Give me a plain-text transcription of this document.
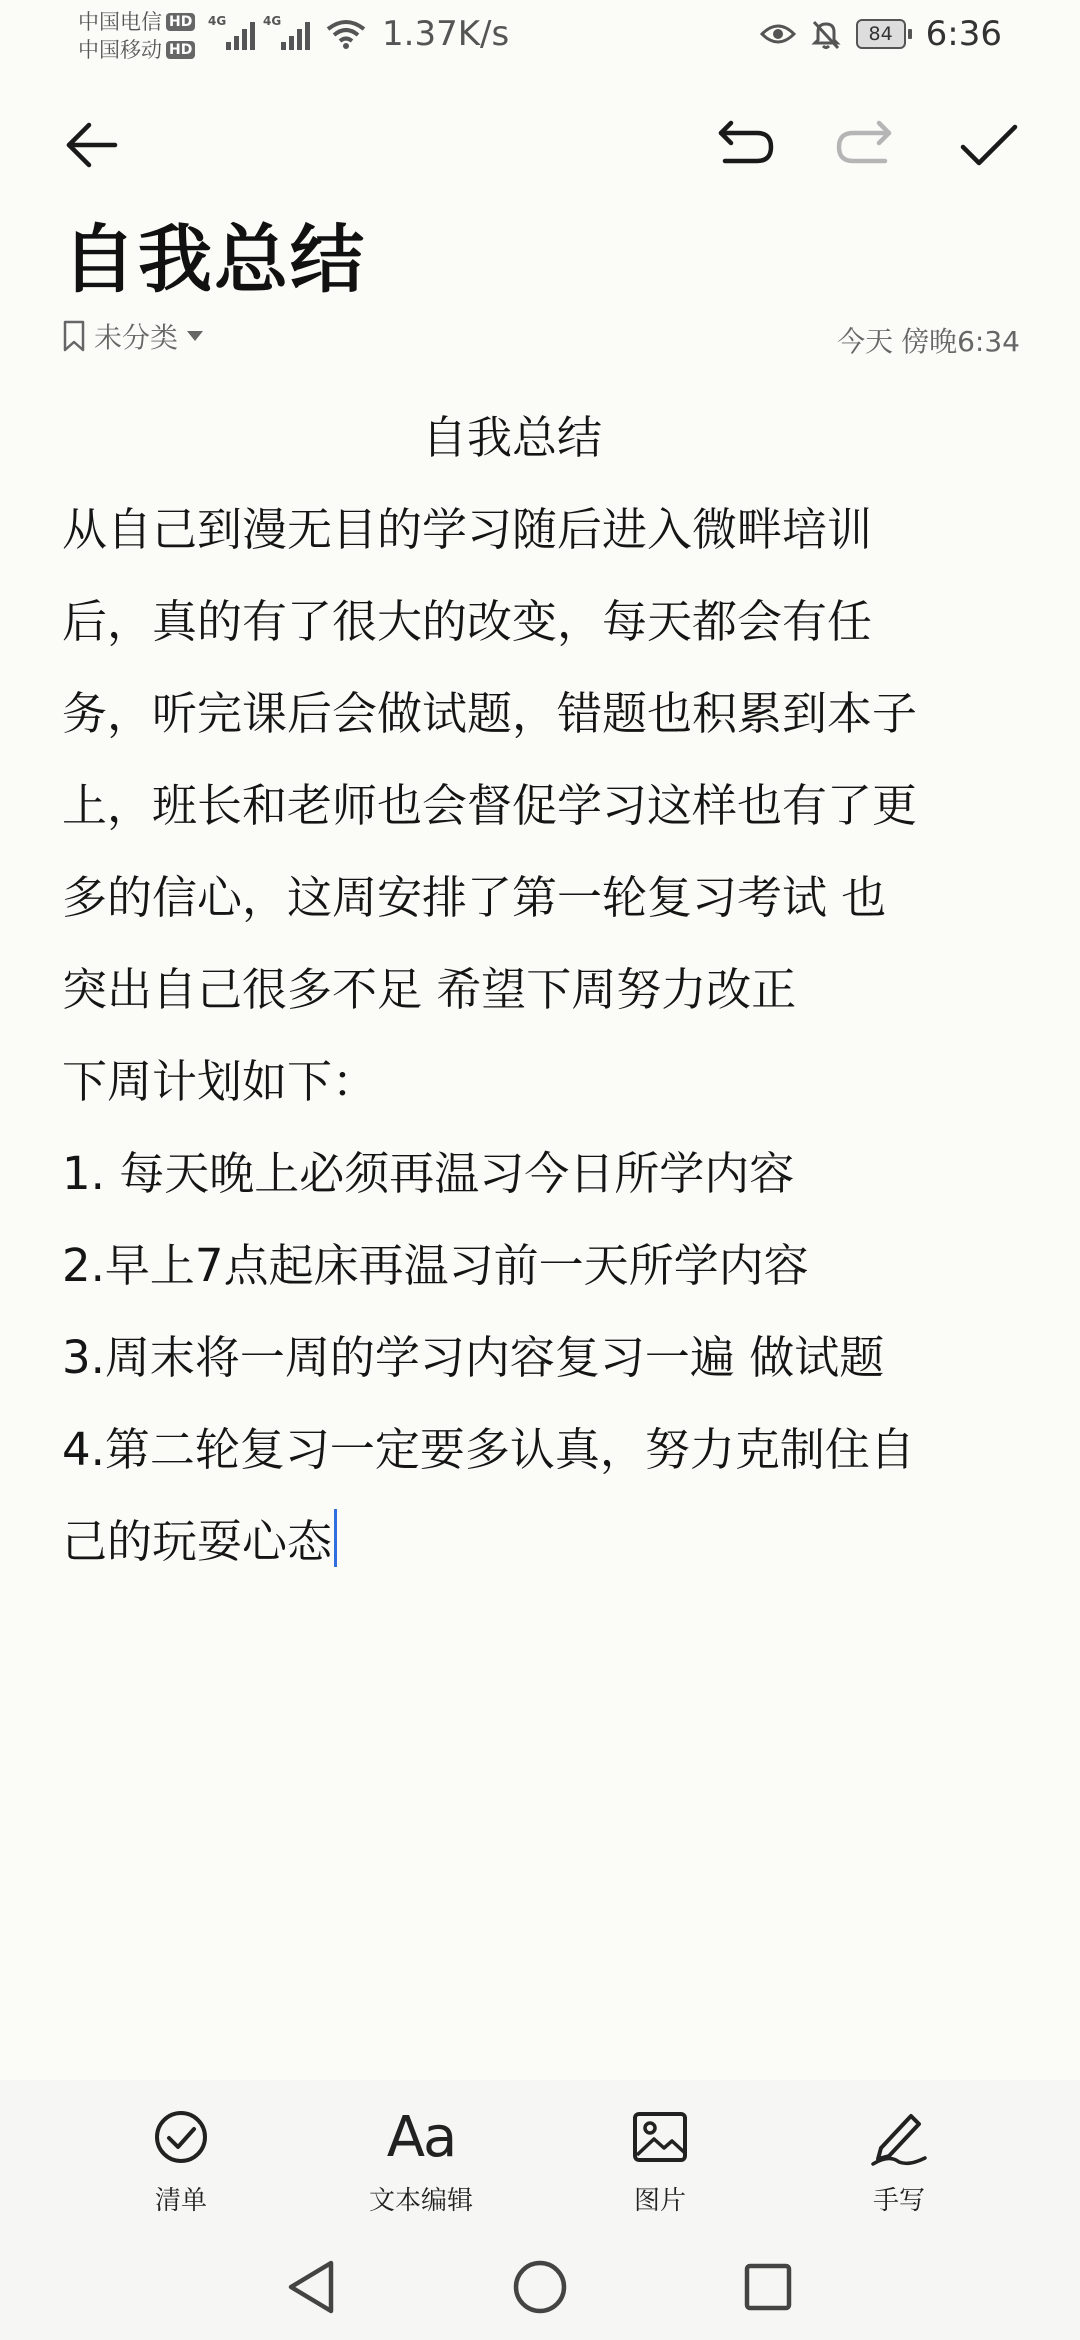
中国电信 HD
中国移动 HD
4G	4G	1.37K/s	84 6:36
自我总结
未分类	今天 傍晚6:34
自我总结
从自己到漫无目的学习随后进入微畔培训
后，真的有了很大的改变，每天都会有任
务，听完课后会做试题，错题也积累到本子
上，班长和老师也会督促学习这样也有了更
多的信心，这周安排了第一轮复习考试 也
突出自己很多不足 希望下周努力改正
下周计划如下：
1. 每天晚上必须再温习今日所学内容
2.早上7点起床再温习前一天所学内容
3.周末将一周的学习内容复习一遍 做试题
4.第二轮复习一定要多认真，努力克制住自
己的玩耍心态
清单
Aa
文本编辑	图片	手写
